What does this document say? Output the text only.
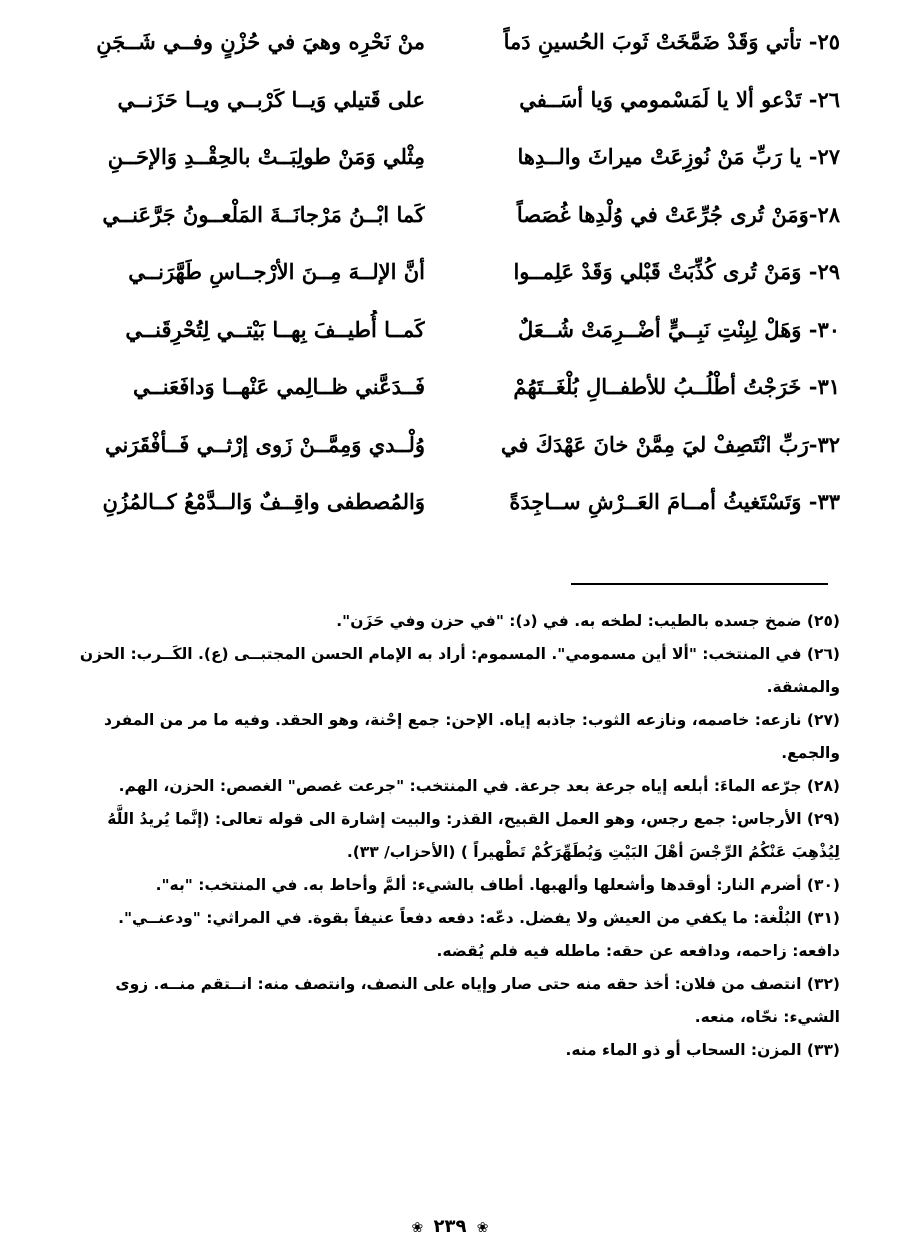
٢٥- تأتي وَقَدْ ضَمَّخَتْ ثَوبَ الحُسينِ دَماً
منْ نَحْرِه وهيَ في حُزْنٍ وفــي شَــجَنِ
٢٦- تَدْعو ألا يا لَمَسْمومي وَيا أسَــفي
على قَتيلي وَيــا كَرْبــي ويــا حَزَنــي
٢٧- يا رَبِّ مَنْ نُوزِعَتْ ميراثَ والــدِها
مِثْلي وَمَنْ طولِبَــتْ بالحِقْــدِ وَالإحَــنِ
٢٨-وَمَنْ تُرى جُرِّعَتْ في وُلْدِها غُصَصاً
كَما ابْــنُ مَرْجانَــةَ المَلْعــونُ جَرَّعَنــي
٢٩- وَمَنْ تُرى كُذِّبَتْ قَبْلي وَقَدْ عَلِمــوا
أنَّ الإلــهَ مِــنَ الأرْجــاسِ طَهَّرَنــي
٣٠- وَهَلْ لِبِنْتِ نَبِــيٍّ أضْــرِمَتْ شُــعَلٌ
كَمــا أُطيــفَ بِهــا بَيْتــي لِتُحْرِقَنــي
٣١- خَرَجْتُ أطْلُــبُ للأطفــالِ بُلْغَــتَهُمْ
فَــدَعَّني ظــالِمي عَنْهــا وَدافَعَنــي
٣٢-رَبِّ انْتَصِفْ ليَ مِمَّنْ خانَ عَهْدَكَ في
وُلْــدي وَمِمَّــنْ زَوى إرْثــي فَــأفْقَرَني
٣٣- وَتَسْتَغيثُ أمــامَ العَــرْشِ ســاجِدَةً
وَالمُصطفى واقِــفٌ وَالــدَّمْعُ كــالمُزُنِ

(٢٥) ضمخ جسده بالطيب: لطخه به. في (د): "في حزن وفي حَزَن".

(٢٦) في المنتخب: "ألا أين مسمومي". المسموم: أراد به الإمام الحسن المجتبــى (ع). الكَــرب: الحزن والمشقة.

(٢٧) نازعه: خاصمه، ونازعه الثوب: جاذبه إياه. الإحن: جمع إحْنة، وهو الحقد. وفيه ما مر من المفرد والجمع.

(٢٨) جرّعه الماءَ: أبلعه إياه جرعة بعد جرعة. في المنتخب: "جرعت غصص" الغصص: الحزن، الهم.

(٢٩) الأرجاس: جمع رجس، وهو العمل القبيح، القذر: والبيت إشارة الى قوله تعالى: (إنَّما يُريدُ اللَّهُ لِيُذْهِبَ عَنْكُمُ الرِّجْسَ أهْلَ البَيْتِ وَيُطَهِّرَكُمْ تَطْهيراً ) (الأحزاب/ ٣٣).

(٣٠) أضرم النار: أوقدها وأشعلها وألهبها. أطاف بالشيء: ألمَّ وأحاط به. في المنتخب: "به".

(٣١) البُلْغة: ما يكفي من العيش ولا يفضل. دعّه: دفعه دفعاً عنيفاً بقوة. في المراثي: "ودعنــي". دافعه: زاحمه، ودافعه عن حقه: ماطله فيه فلم يُقضه.

(٣٢) انتصف من فلان: أخذ حقه منه حتى صار وإياه على النصف، وانتصف منه: انــتقم منــه. زوى الشيء: نحّاه، منعه.

(٣٣) المزن: السحاب أو ذو الماء منه.

❀ ٢٣٩ ❀
